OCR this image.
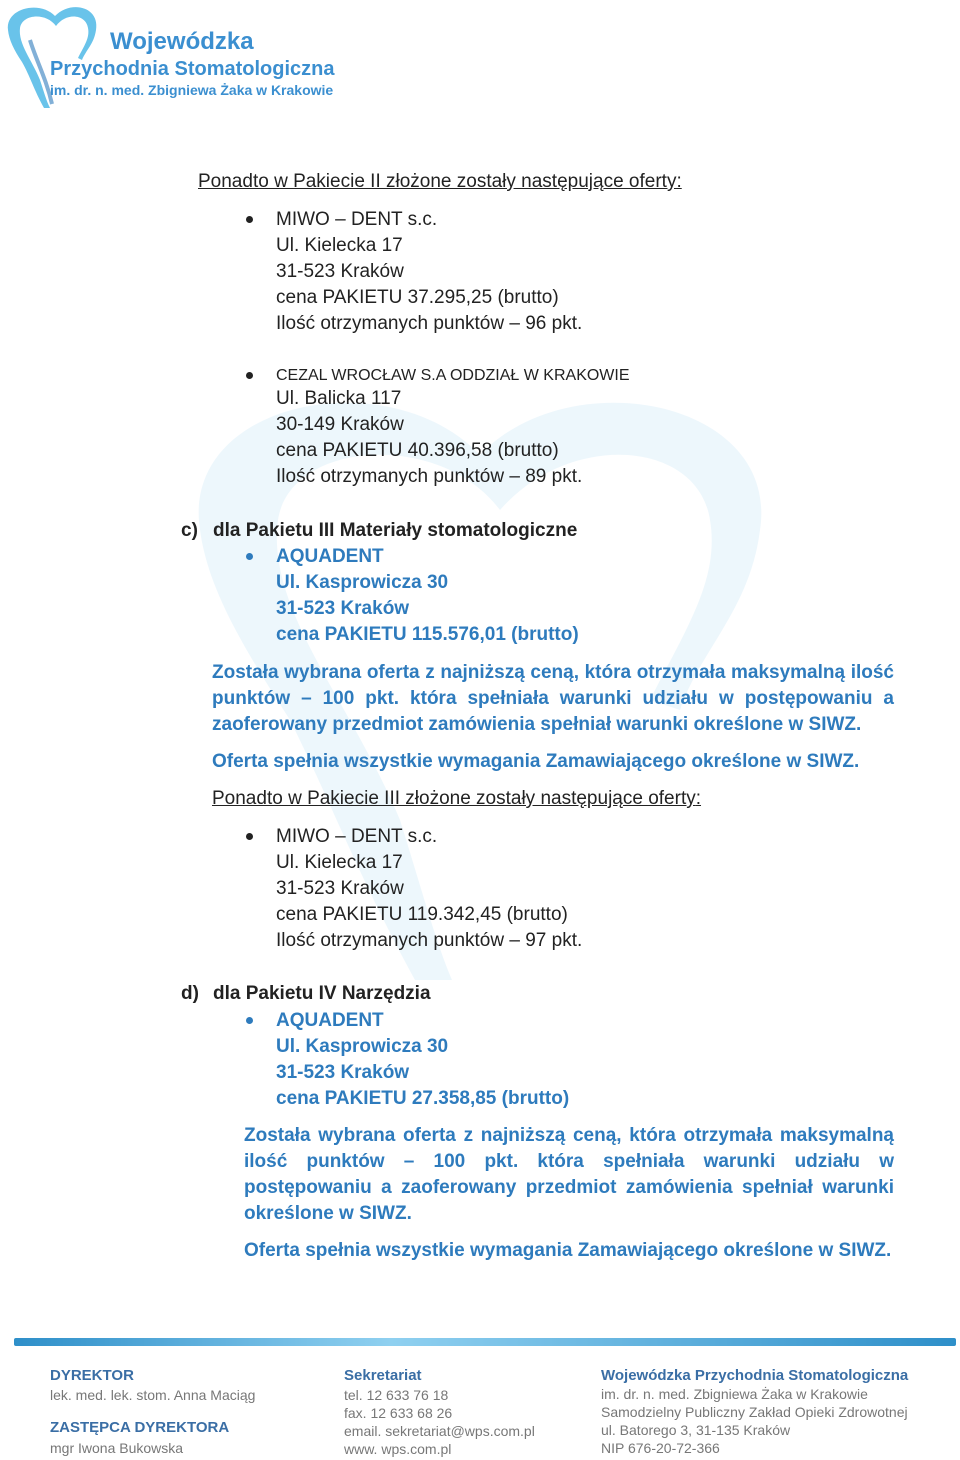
Wojewódzka
Przychodnia Stomatologiczna
im. dr. n. med. Zbigniewa Żaka w Krakowie
Ponadto w Pakiecie II złożone zostały następujące oferty:
MIWO – DENT s.c.
Ul. Kielecka 17
31-523 Kraków
cena PAKIETU 37.295,25 (brutto)
Ilość otrzymanych punktów – 96 pkt.
CEZAL WROCŁAW S.A ODDZIAŁ W KRAKOWIE
Ul. Balicka 117
30-149 Kraków
cena PAKIETU 40.396,58 (brutto)
Ilość otrzymanych punktów – 89 pkt.
c) dla Pakietu III Materiały stomatologiczne
AQUADENT
Ul. Kasprowicza 30
31-523 Kraków
cena PAKIETU 115.576,01 (brutto)
Została wybrana oferta z najniższą ceną, która otrzymała maksymalną ilość
punktów – 100 pkt. która spełniała warunki udziału w postępowaniu a
zaoferowany przedmiot zamówienia spełniał warunki określone w SIWZ.
Oferta spełnia wszystkie wymagania Zamawiającego określone w SIWZ.
Ponadto w Pakiecie III złożone zostały następujące oferty:
MIWO – DENT s.c.
Ul. Kielecka 17
31-523 Kraków
cena PAKIETU 119.342,45 (brutto)
Ilość otrzymanych punktów – 97 pkt.
d) dla Pakietu IV Narzędzia
AQUADENT
Ul. Kasprowicza 30
31-523 Kraków
cena PAKIETU 27.358,85 (brutto)
Została wybrana oferta z najniższą ceną, która otrzymała maksymalną
ilość punktów – 100 pkt. która spełniała warunki udziału w
postępowaniu a zaoferowany przedmiot zamówienia spełniał warunki
określone w SIWZ.
Oferta spełnia wszystkie wymagania Zamawiającego określone w SIWZ.
DYREKTOR
lek. med. lek. stom. Anna Maciąg
ZASTĘPCA DYREKTORA
mgr Iwona Bukowska
Sekretariat
tel. 12 633 76 18
fax. 12 633 68 26
email. sekretariat@wps.com.pl
www. wps.com.pl
Wojewódzka Przychodnia Stomatologiczna
im. dr. n. med. Zbigniewa Żaka w Krakowie
Samodzielny Publiczny Zakład Opieki Zdrowotnej
ul. Batorego 3, 31-135 Kraków
NIP 676-20-72-366
